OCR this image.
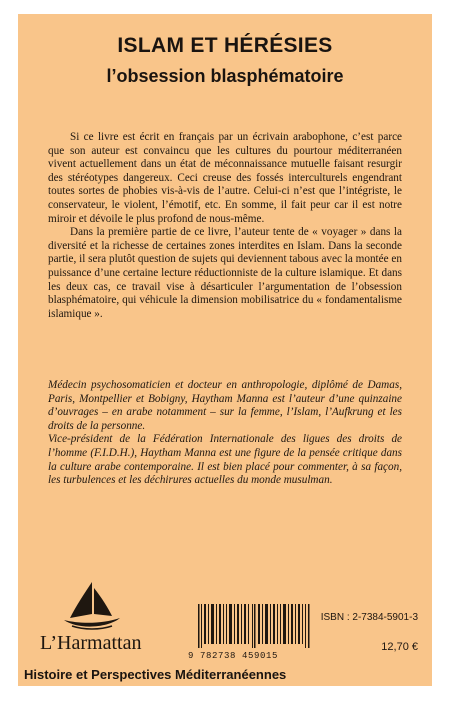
ISLAM ET HÉRÉSIES
l’obsession blasphématoire

Si ce livre est écrit en français par un écrivain arabophone, c’est parce que son auteur est convaincu que les cultures du pourtour méditerranéen vivent actuellement dans un état de méconnaissance mutuelle faisant resurgir des stéréotypes dangereux. Ceci creuse des fossés interculturels engendrant toutes sortes de phobies vis-à-vis de l’autre. Celui-ci n’est que l’intégriste, le conservateur, le violent, l’émotif, etc. En somme, il fait peur car il est notre miroir et dévoile le plus profond de nous-même.

Dans la première partie de ce livre, l’auteur tente de « voyager » dans la diversité et la richesse de certaines zones interdites en Islam. Dans la seconde partie, il sera plutôt question de sujets qui deviennent tabous avec la montée en puissance d’une certaine lecture réductionniste de la culture islamique. Et dans les deux cas, ce travail vise à désarticuler l’argumentation de l’obsession blasphématoire, qui véhicule la dimension mobilisatrice du « fondamentalisme islamique ».

Médecin psychosomaticien et docteur en anthropologie, diplômé de Damas, Paris, Montpellier et Bobigny, Haytham Manna est l’auteur d’une quinzaine d’ouvrages – en arabe notamment – sur la femme, l’Islam, l’Aufkrung et les droits de la personne.

Vice-président de la Fédération Internationale des ligues des droits de l’homme (F.I.D.H.), Haytham Manna est une figure de la pensée critique dans la culture arabe contemporaine. Il est bien placé pour commenter, à sa façon, les turbulences et les déchirures actuelles du monde musulman.

L’Harmattan
9 782738 459015
ISBN : 2-7384-5901-3
12,70 €
Histoire et Perspectives Méditerranéennes
